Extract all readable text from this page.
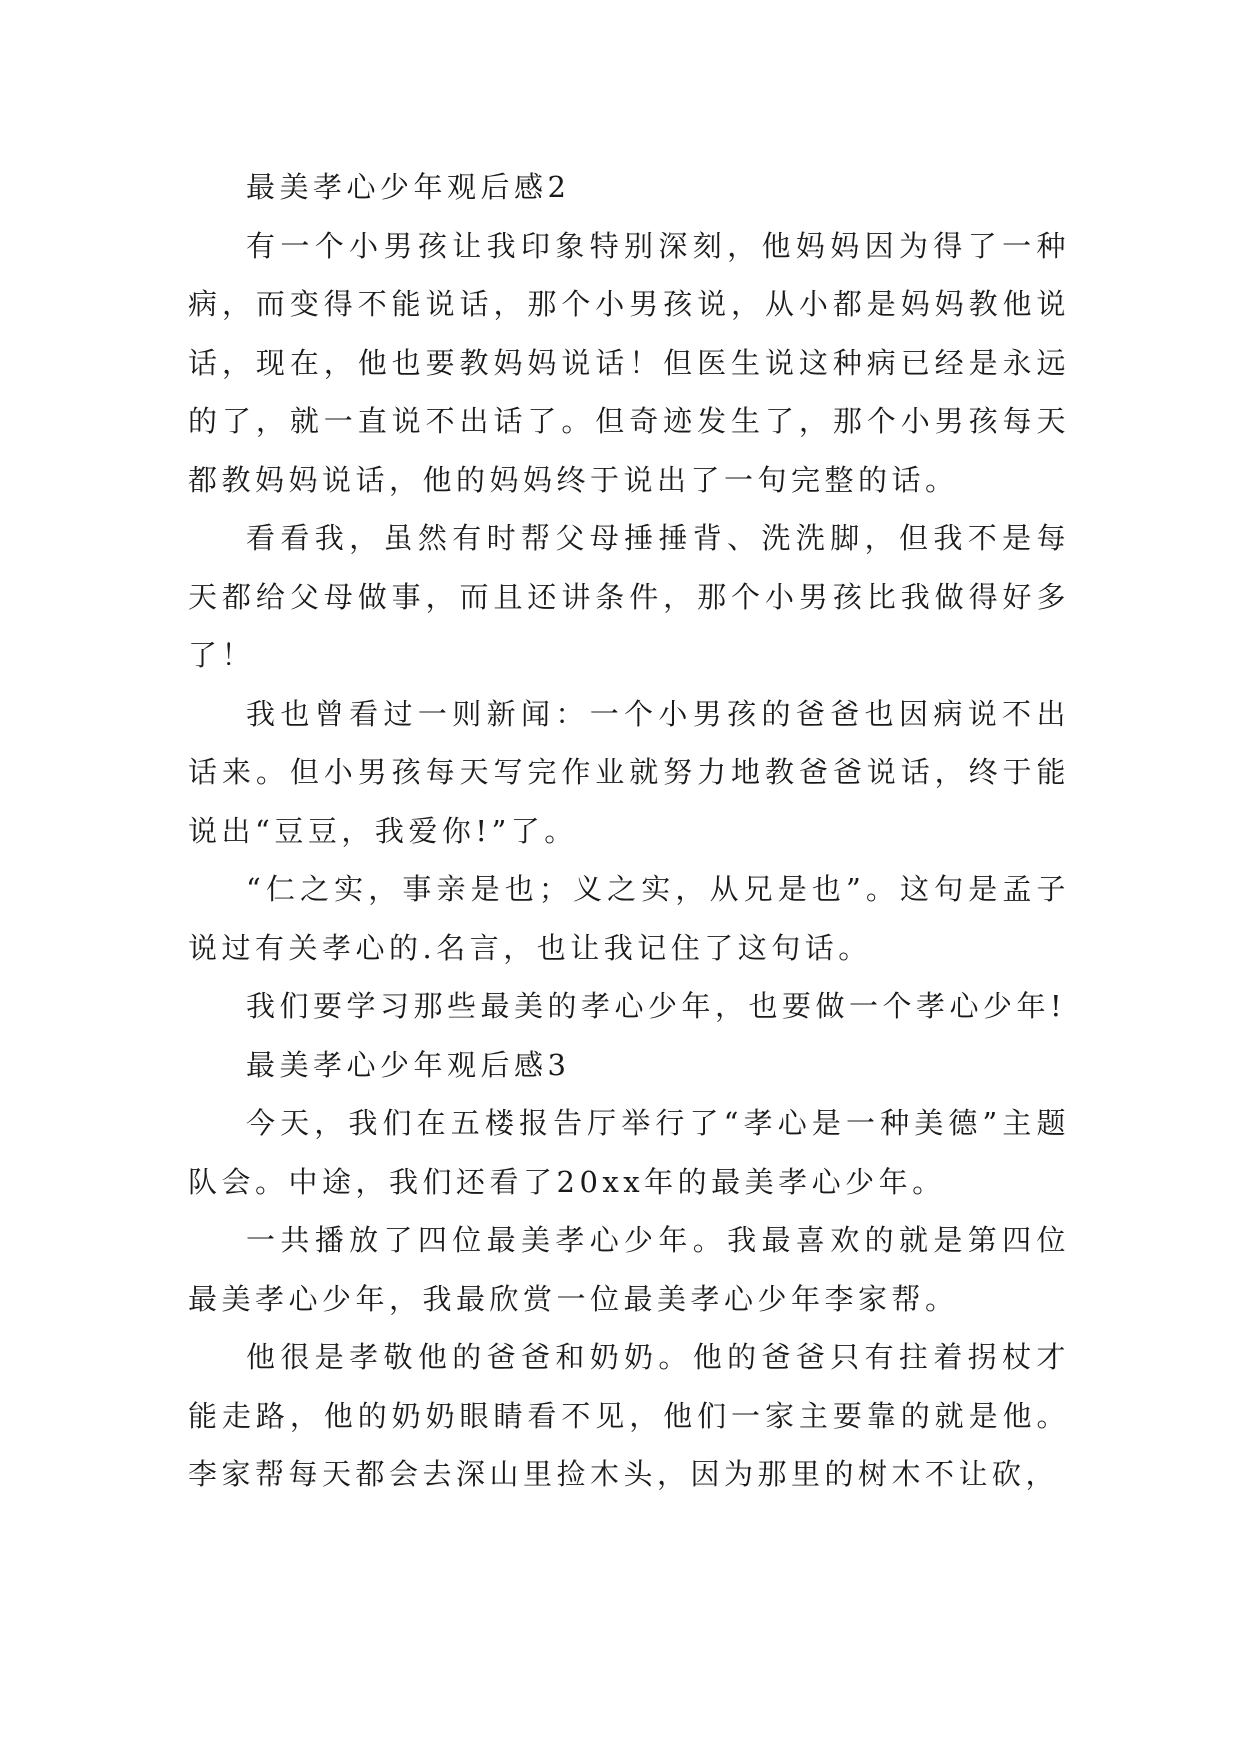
最美孝心少年观后感2

有一个小男孩让我印象特别深刻，他妈妈因为得了一种病，而变得不能说话，那个小男孩说，从小都是妈妈教他说话，现在，他也要教妈妈说话！但医生说这种病已经是永远的了，就一直说不出话了。但奇迹发生了，那个小男孩每天都教妈妈说话，他的妈妈终于说出了一句完整的话。

看看我，虽然有时帮父母捶捶背、洗洗脚，但我不是每天都给父母做事，而且还讲条件，那个小男孩比我做得好多了！

我也曾看过一则新闻：一个小男孩的爸爸也因病说不出话来。但小男孩每天写完作业就努力地教爸爸说话，终于能说出“豆豆，我爱你!”了。

“仁之实，事亲是也；义之实，从兄是也”。这句是孟子说过有关孝心的.名言，也让我记住了这句话。

我们要学习那些最美的孝心少年，也要做一个孝心少年!

最美孝心少年观后感3

今天，我们在五楼报告厅举行了“孝心是一种美德”主题队会。中途，我们还看了20xx年的最美孝心少年。

一共播放了四位最美孝心少年。我最喜欢的就是第四位最美孝心少年，我最欣赏一位最美孝心少年李家帮。

他很是孝敬他的爸爸和奶奶。他的爸爸只有拄着拐杖才能走路，他的奶奶眼睛看不见，他们一家主要靠的就是他。李家帮每天都会去深山里捡木头，因为那里的树木不让砍，
